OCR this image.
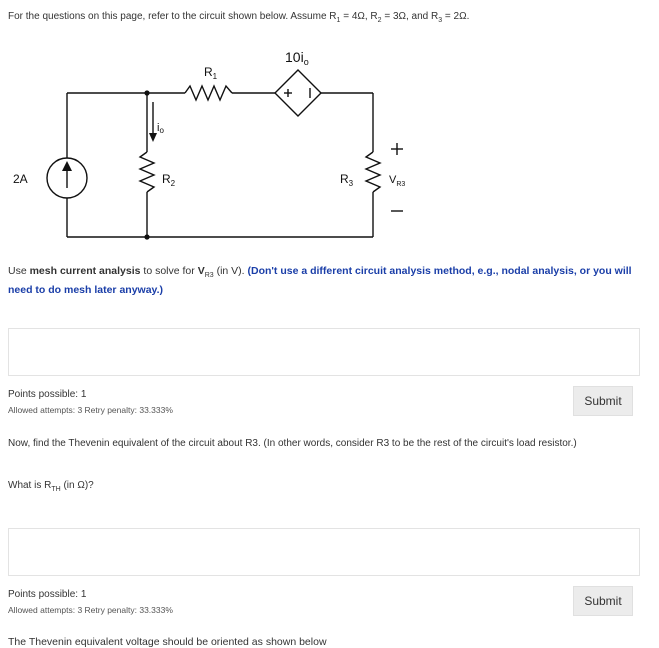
For the questions on this page, refer to the circuit shown below. Assume $R_1 = 4\Omega$, $R_2 = 3\Omega$, and $R_3 = 2\Omega$.
2A
$R_1$
$R_2$	$R_3$
$10i_o$
io
$V_{R3}$
Use mesh current analysis to solve for $V_{R3}$ (in V). (Don't use a different circuit analysis method, e.g., nodal analysis, or you will need to do mesh later anyway.)
Points possible: 1
Allowed attempts: 3 Retry penalty: 33.333%
Submit
Now, find the Thevenin equivalent of the circuit about R3. (In other words, consider R3 to be the rest of the circuit's load resistor.)
What is $R_{TH}$ (in Ω)?
Points possible: 1
Allowed attempts: 3 Retry penalty: 33.333%
Submit
The Thevenin equivalent voltage should be oriented as shown below
